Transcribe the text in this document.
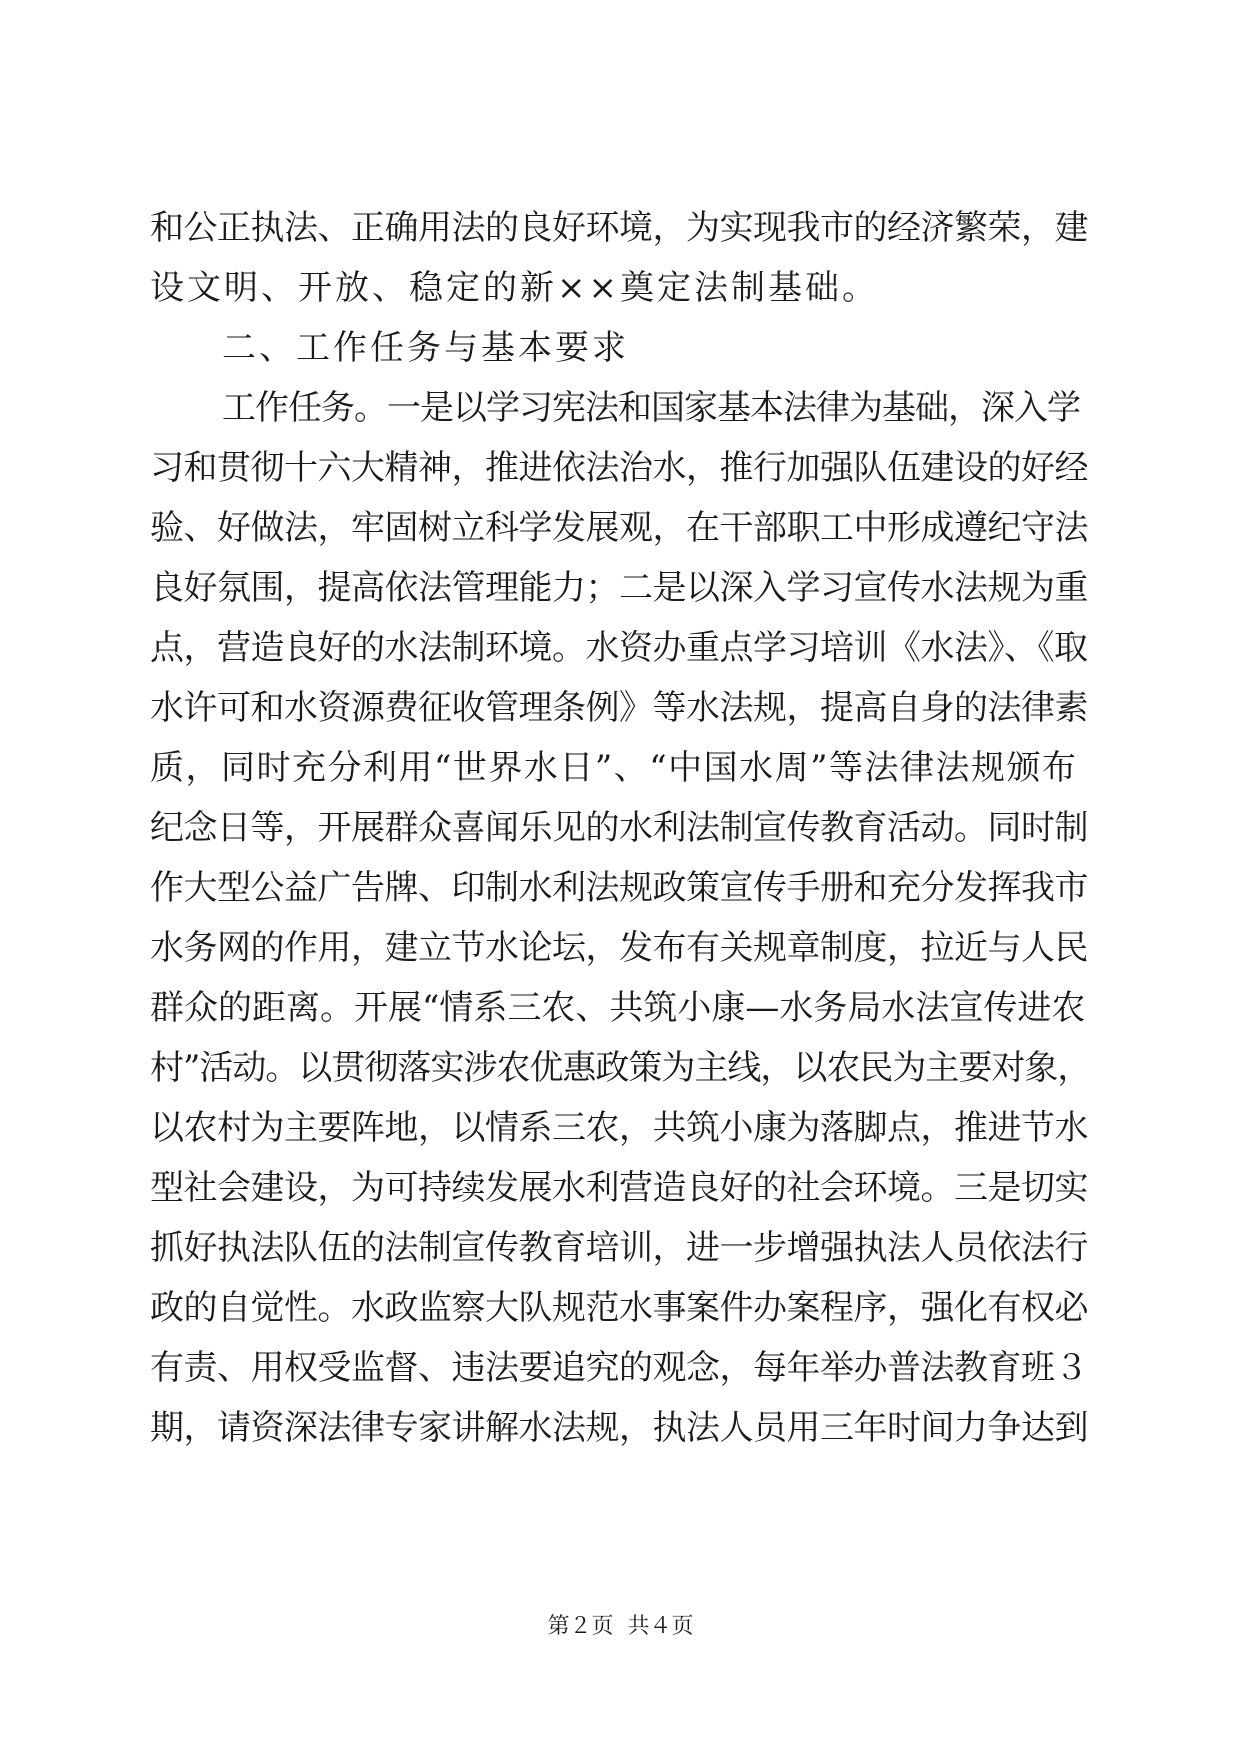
和公正执法、正确用法的良好环境，为实现我市的经济繁荣，建
设文明、开放、稳定的新××奠定法制基础。
二、工作任务与基本要求
工作任务。一是以学习宪法和国家基本法律为基础，深入学
习和贯彻十六大精神，推进依法治水，推行加强队伍建设的好经
验、好做法，牢固树立科学发展观，在干部职工中形成遵纪守法
良好氛围，提高依法管理能力；二是以深入学习宣传水法规为重
点，营造良好的水法制环境。水资办重点学习培训《水法》、《取
水许可和水资源费征收管理条例》等水法规，提高自身的法律素
质，同时充分利用“世界水日”、“中国水周”等法律法规颁布
纪念日等，开展群众喜闻乐见的水利法制宣传教育活动。同时制
作大型公益广告牌、印制水利法规政策宣传手册和充分发挥我市
水务网的作用，建立节水论坛，发布有关规章制度，拉近与人民
群众的距离。开展“情系三农、共筑小康—水务局水法宣传进农
村”活动。以贯彻落实涉农优惠政策为主线，以农民为主要对象，
以农村为主要阵地，以情系三农，共筑小康为落脚点，推进节水
型社会建设，为可持续发展水利营造良好的社会环境。三是切实
抓好执法队伍的法制宣传教育培训，进一步增强执法人员依法行
政的自觉性。水政监察大队规范水事案件办案程序，强化有权必
有责、用权受监督、违法要追究的观念，每年举办普法教育班３
期，请资深法律专家讲解水法规，执法人员用三年时间力争达到
第２页  共４页
